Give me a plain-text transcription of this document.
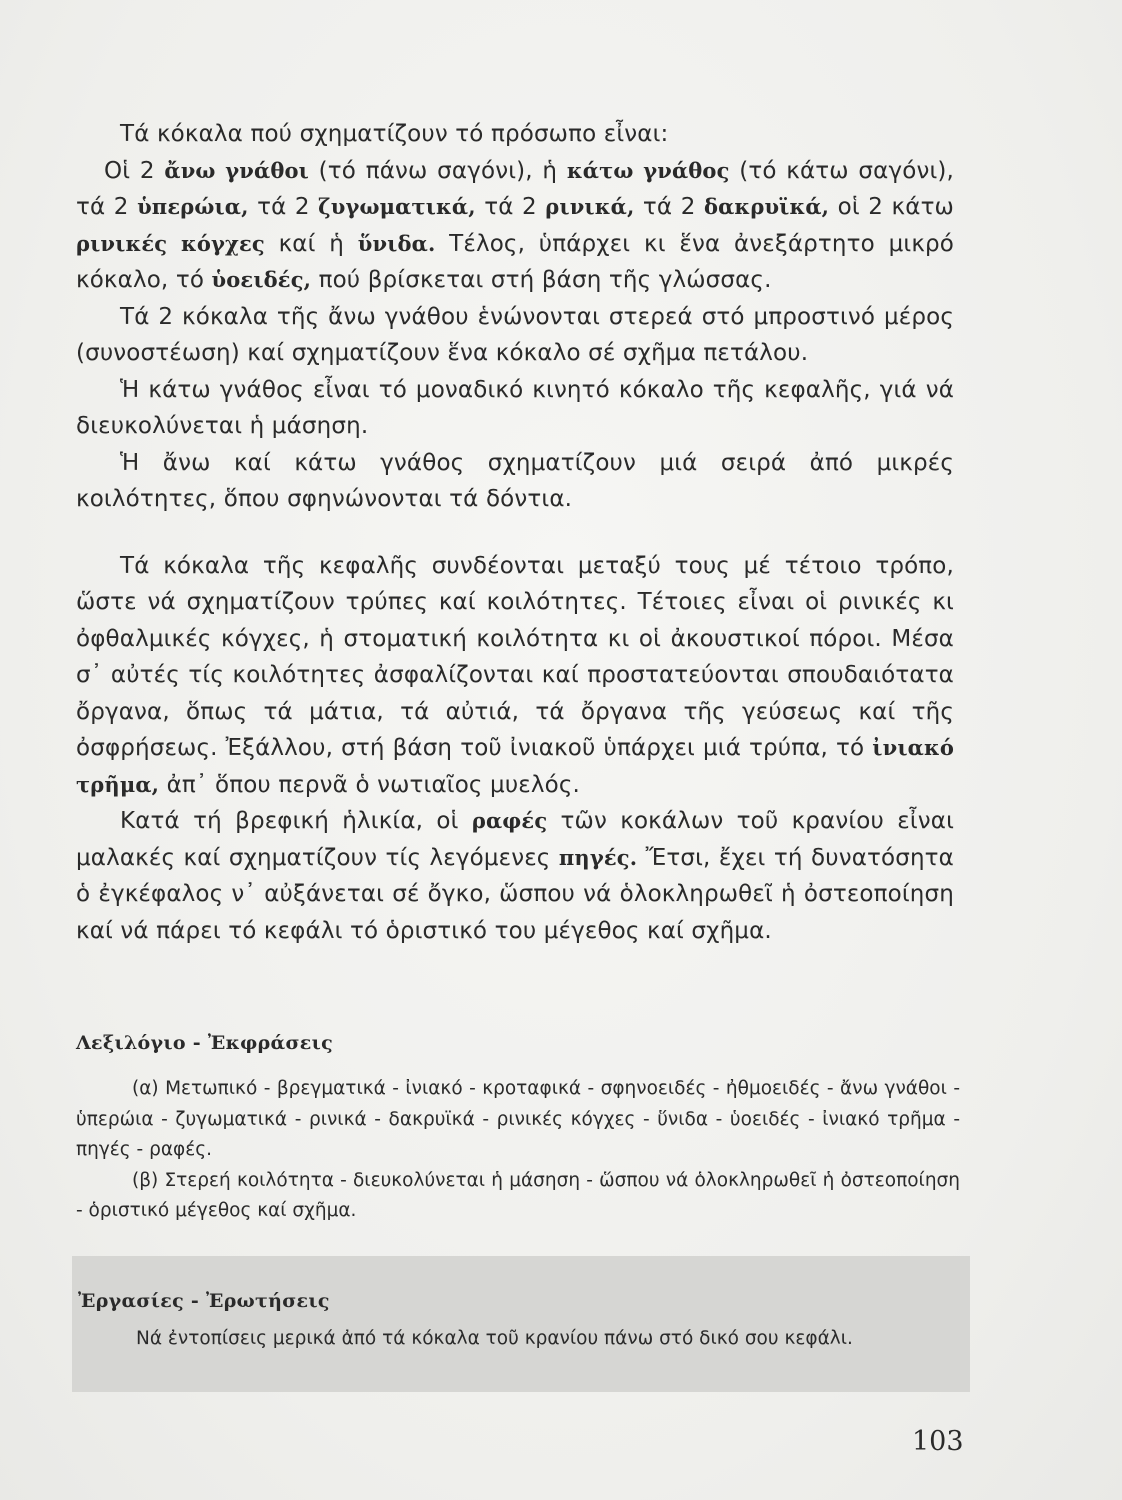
Τά κόκαλα πού σχηματίζουν τό πρόσωπο εἶναι:

Οἱ 2 ἄνω γνάθοι (τό πάνω σαγόνι), ἡ κάτω γνάθος (τό κάτω σαγόνι), τά 2 ὑπερώια, τά 2 ζυγωματικά, τά 2 ρινικά, τά 2 δακρυϊκά, οἱ 2 κάτω ρινικές κόγχες καί ἡ ὕνιδα. Τέλος, ὑπάρχει κι ἕνα ἀνεξάρτητο μικρό κόκαλο, τό ὑοειδές, πού βρίσκεται στή βάση τῆς γλώσσας.

Τά 2 κόκαλα τῆς ἄνω γνάθου ἑνώνονται στερεά στό μπροστινό μέρος (συνοστέωση) καί σχηματίζουν ἕνα κόκαλο σέ σχῆμα πετάλου.

Ἡ κάτω γνάθος εἶναι τό μοναδικό κινητό κόκαλο τῆς κεφαλῆς, γιά νά διευκολύνεται ἡ μάσηση.

Ἡ ἄνω καί κάτω γνάθος σχηματίζουν μιά σειρά ἀπό μικρές κοιλότητες, ὅπου σφηνώνονται τά δόντια.

Τά κόκαλα τῆς κεφαλῆς συνδέονται μεταξύ τους μέ τέτοιο τρόπο, ὥστε νά σχηματίζουν τρύπες καί κοιλότητες. Τέτοιες εἶναι οἱ ρινικές κι ὀφθαλμικές κόγχες, ἡ στοματική κοιλότητα κι οἱ ἀκουστικοί πόροι. Μέσα σ᾿ αὐτές τίς κοιλότητες ἀσφαλίζονται καί προστατεύονται σπουδαιότατα ὄργανα, ὅπως τά μάτια, τά αὐτιά, τά ὄργανα τῆς γεύσεως καί τῆς ὀσφρήσεως. Ἐξάλλου, στή βάση τοῦ ἰνιακοῦ ὑπάρχει μιά τρύπα, τό ἰνιακό τρῆμα, ἀπ᾿ ὅπου περνᾶ ὁ νωτιαῖος μυελός.

Κατά τή βρεφική ἡλικία, οἱ ραφές τῶν κοκάλων τοῦ κρανίου εἶναι μαλακές καί σχηματίζουν τίς λεγόμενες πηγές. Ἔτσι, ἔχει τή δυνατόσητα ὁ ἐγκέφαλος ν᾿ αὐξάνεται σέ ὄγκο, ὥσπου νά ὁλοκληρωθεῖ ἡ ὀστεοποίηση καί νά πάρει τό κεφάλι τό ὁριστικό του μέγεθος καί σχῆμα.

Λεξιλόγιο - Ἐκφράσεις

(α) Μετωπικό - βρεγματικά - ἰνιακό - κροταφικά - σφηνοειδές - ἠθμοειδές - ἄνω γνάθοι - ὑπερώια - ζυγωματικά - ρινικά - δακρυϊκά - ρινικές κόγχες - ὕνιδα - ὑοειδές - ἰνιακό τρῆμα - πηγές - ραφές.

(β) Στερεή κοιλότητα - διευκολύνεται ἡ μάσηση - ὥσπου νά ὁλοκληρωθεῖ ἡ ὀστεοποίηση - ὁριστικό μέγεθος καί σχῆμα.

Ἐργασίες - Ἐρωτήσεις
Νά ἐντοπίσεις μερικά ἀπό τά κόκαλα τοῦ κρανίου πάνω στό δικό σου κεφάλι.
103
